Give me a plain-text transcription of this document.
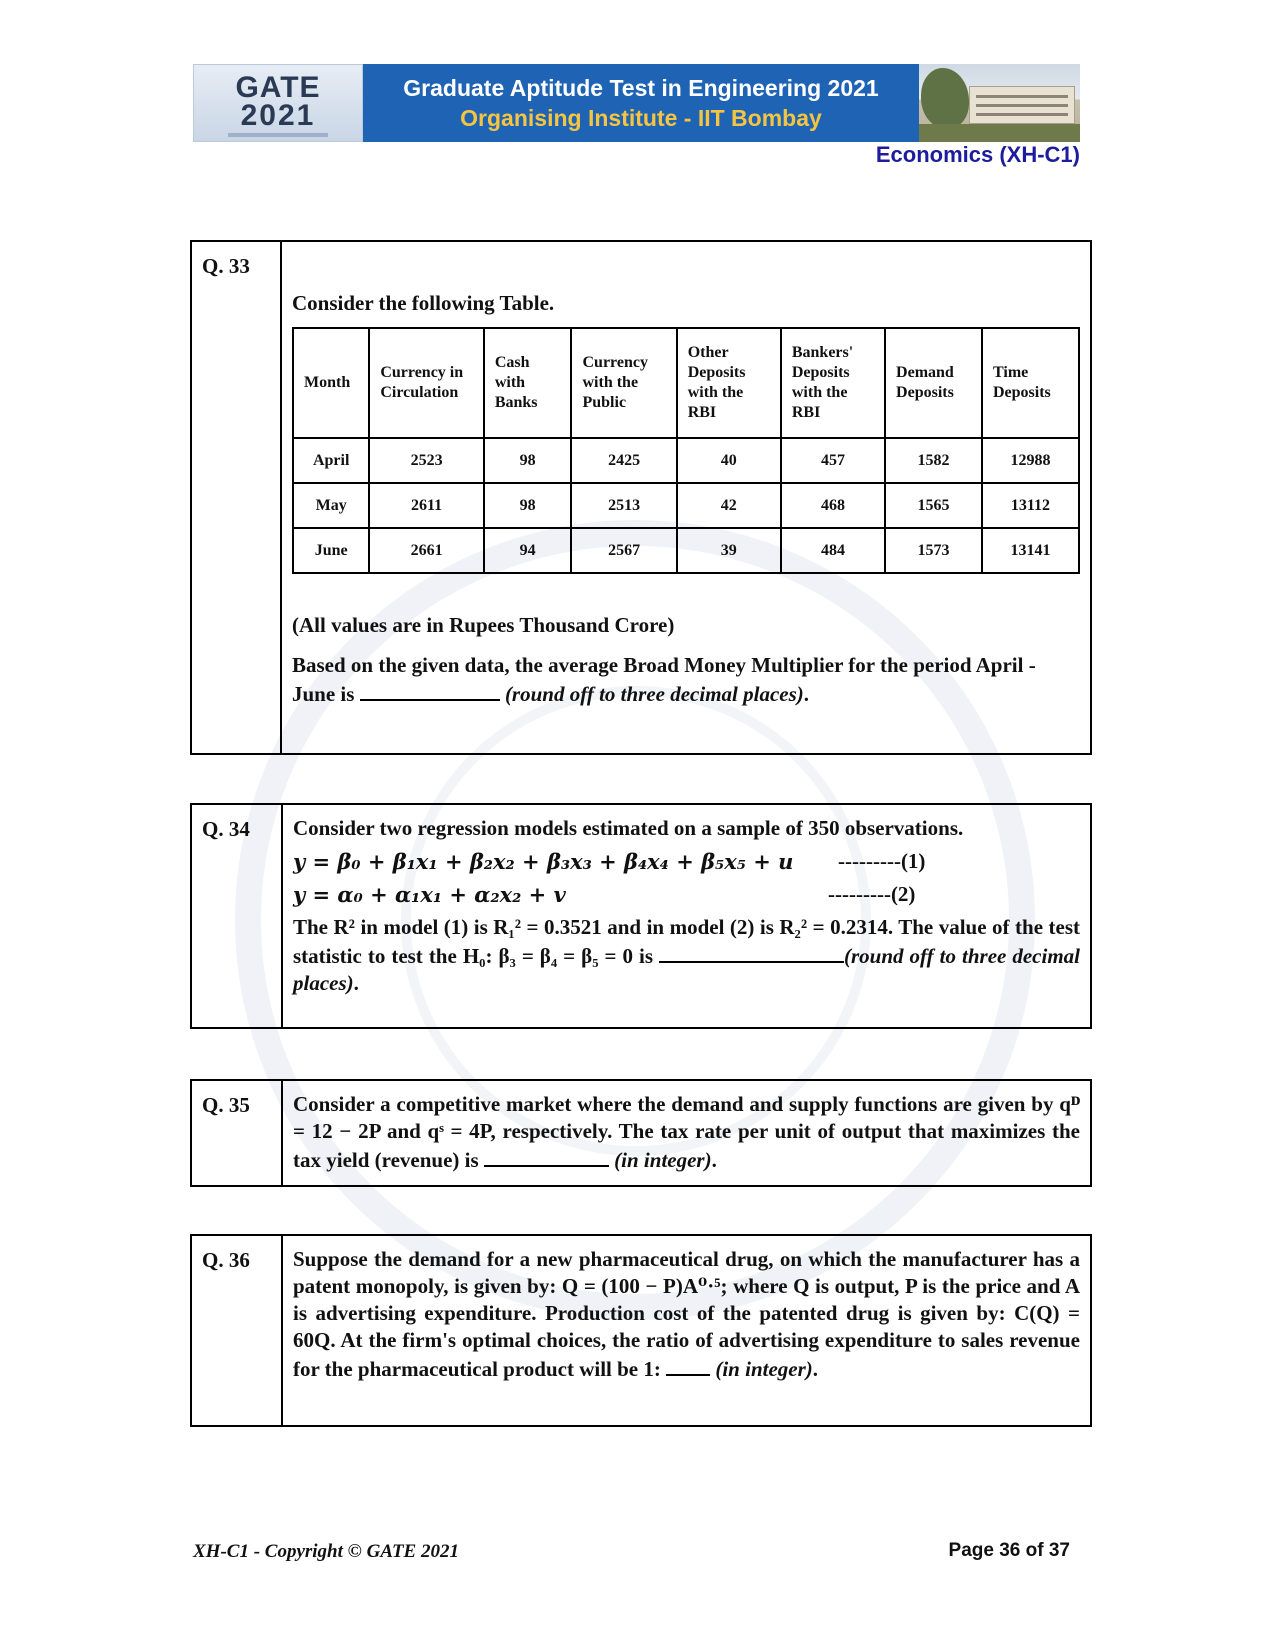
GATE
2021
Graduate Aptitude Test in Engineering 2021
Organising Institute - IIT Bombay
Economics (XH-C1)
Q. 33
Consider the following Table.
Month	Currency in Circulation	Cash with Banks	Currency with the Public	Other Deposits with the RBI	Bankers' Deposits with the RBI	Demand Deposits	Time Deposits
April	2523	98	2425	40	457	1582	12988
May	2611	98	2513	42	468	1565	13112
June	2661	94	2567	39	484	1573	13141
(All values are in Rupees Thousand Crore)
Based on the given data, the average Broad Money Multiplier for the period April - June is	(round off to three decimal places).
Q. 34	Consider two regression models estimated on a sample of 350 observations.
y = β₀ + β₁x₁ + β₂x₂ + β₃x₃ + β₄x₄ + β₅x₅ + u	---------(1)
y = α₀ + α₁x₁ + α₂x₂ + v	---------(2)
The R² in model (1) is R₁² = 0.3521 and in model (2) is R₂² = 0.2314. The value of the test statistic to test the H₀: β₃ = β₄ = β₅ = 0 is	(round off to three decimal places).
Q. 35	Consider a competitive market where the demand and supply functions are given by qᴰ = 12 − 2P and qˢ = 4P, respectively. The tax rate per unit of output that maximizes the tax yield (revenue) is	(in integer).
Q. 36	Suppose the demand for a new pharmaceutical drug, on which the manufacturer has a patent monopoly, is given by: Q = (100 − P)A⁰·⁵; where Q is output, P is the price and A is advertising expenditure. Production cost of the patented drug is given by: C(Q) = 60Q. At the firm's optimal choices, the ratio of advertising expenditure to sales revenue for the pharmaceutical product will be 1:	(in integer).
XH-C1 - Copyright © GATE 2021	Page 36 of 37
